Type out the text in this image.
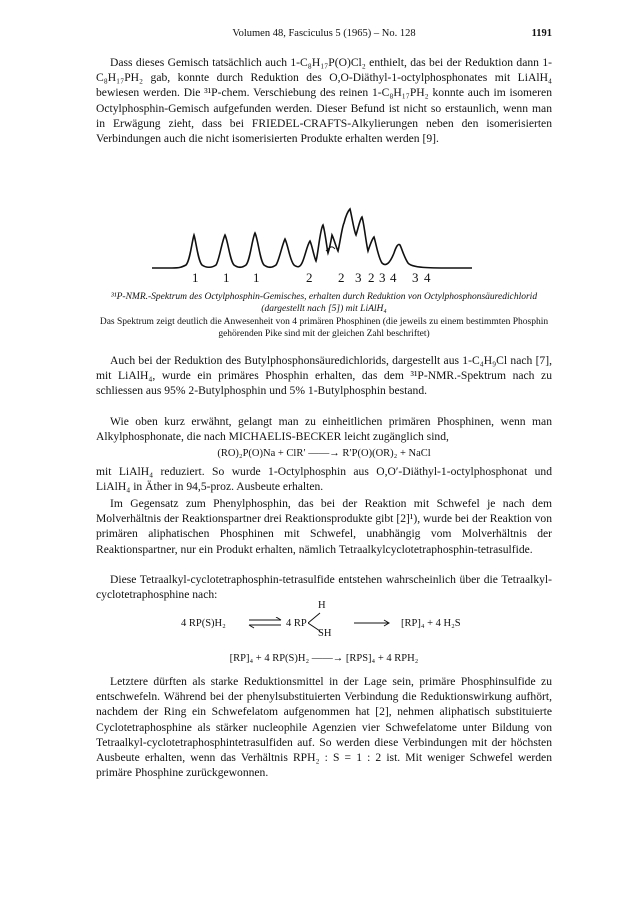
Volumen 48, Fasciculus 5 (1965) – No. 128	1191

Dass dieses Gemisch tatsächlich auch 1-C₈H₁₇P(O)Cl₂ enthielt, das bei der Reduktion dann 1-C₈H₁₇PH₂ gab, konnte durch Reduktion des O,O-Diäthyl-1-octylphosphonates mit LiAlH₄ bewiesen werden. Die ³¹P-chem. Verschiebung des reinen 1-C₈H₁₇PH₂ konnte auch im isomeren Octylphosphin-Gemisch aufgefunden werden. Dieser Befund ist nicht so erstaunlich, wenn man in Erwägung zieht, dass bei FRIEDEL-CRAFTS-Alkylierungen neben den isomerisierten Verbindungen auch die nicht isomerisierten Produkte erhalten werden [9].

1 1 1	2 2 3 2 3 4 3 4
³¹P-NMR.-Spektrum des Octylphosphin-Gemisches, erhalten durch Reduktion von Octylphosphonsäuredichlorid (dargestellt nach [5]) mit LiAlH₄
Das Spektrum zeigt deutlich die Anwesenheit von 4 primären Phosphinen (die jeweils zu einem bestimmten Phosphin gehörenden Pike sind mit der gleichen Zahl beschriftet)

Auch bei der Reduktion des Butylphosphonsäuredichlorids, dargestellt aus 1-C₄H₉Cl nach [7], mit LiAlH₄, wurde ein primäres Phosphin erhalten, das dem ³¹P-NMR.-Spektrum nach zu schliessen aus 95% 2-Butylphosphin und 5% 1-Butylphosphin bestand.

Wie oben kurz erwähnt, gelangt man zu einheitlichen primären Phosphinen, wenn man Alkylphosphonate, die nach MICHAELIS-BECKER leicht zugänglich sind,

(RO)₂P(O)Na + ClR′ ——→ R′P(O)(OR)₂ + NaCl

mit LiAlH₄ reduziert. So wurde 1-Octylphosphin aus O,O′-Diäthyl-1-octylphosphonat und LiAlH₄ in Äther in 94,5-proz. Ausbeute erhalten.

Im Gegensatz zum Phenylphosphin, das bei der Reaktion mit Schwefel je nach dem Molverhältnis der Reaktionspartner drei Reaktionsprodukte gibt [2]¹), wurde bei der Reaktion von primären aliphatischen Phosphinen mit Schwefel, unabhängig vom Molverhältnis der Reaktionspartner, nur ein Produkt erhalten, nämlich Tetraalkylcyclotetraphosphin-tetrasulfide.

Diese Tetraalkyl-cyclotetraphosphin-tetrasulfide entstehen wahrscheinlich über die Tetraalkyl-cyclotetraphosphine nach:

4 RP(S)H₂ ⇌ 4 RP
H
SH
→ [RP]₄ + 4 H₂S
[RP]₄ + 4 RP(S)H₂ ——→ [RPS]₄ + 4 RPH₂

Letztere dürften als starke Reduktionsmittel in der Lage sein, primäre Phosphinsulfide zu entschwefeln. Während bei der phenylsubstituierten Verbindung die Reduktionswirkung aufhört, nachdem der Ring ein Schwefelatom aufgenommen hat [2], nehmen aliphatisch substituierte Cyclotetraphosphine als stärker nucleophile Agenzien vier Schwefelatome unter Bildung von Tetraalkyl-cyclotetraphosphintetrasulfiden auf. So werden diese Verbindungen mit der höchsten Ausbeute erhalten, wenn das Verhältnis RPH₂ : S = 1 : 2 ist. Mit weniger Schwefel werden primäre Phosphine zurückgewonnen.
